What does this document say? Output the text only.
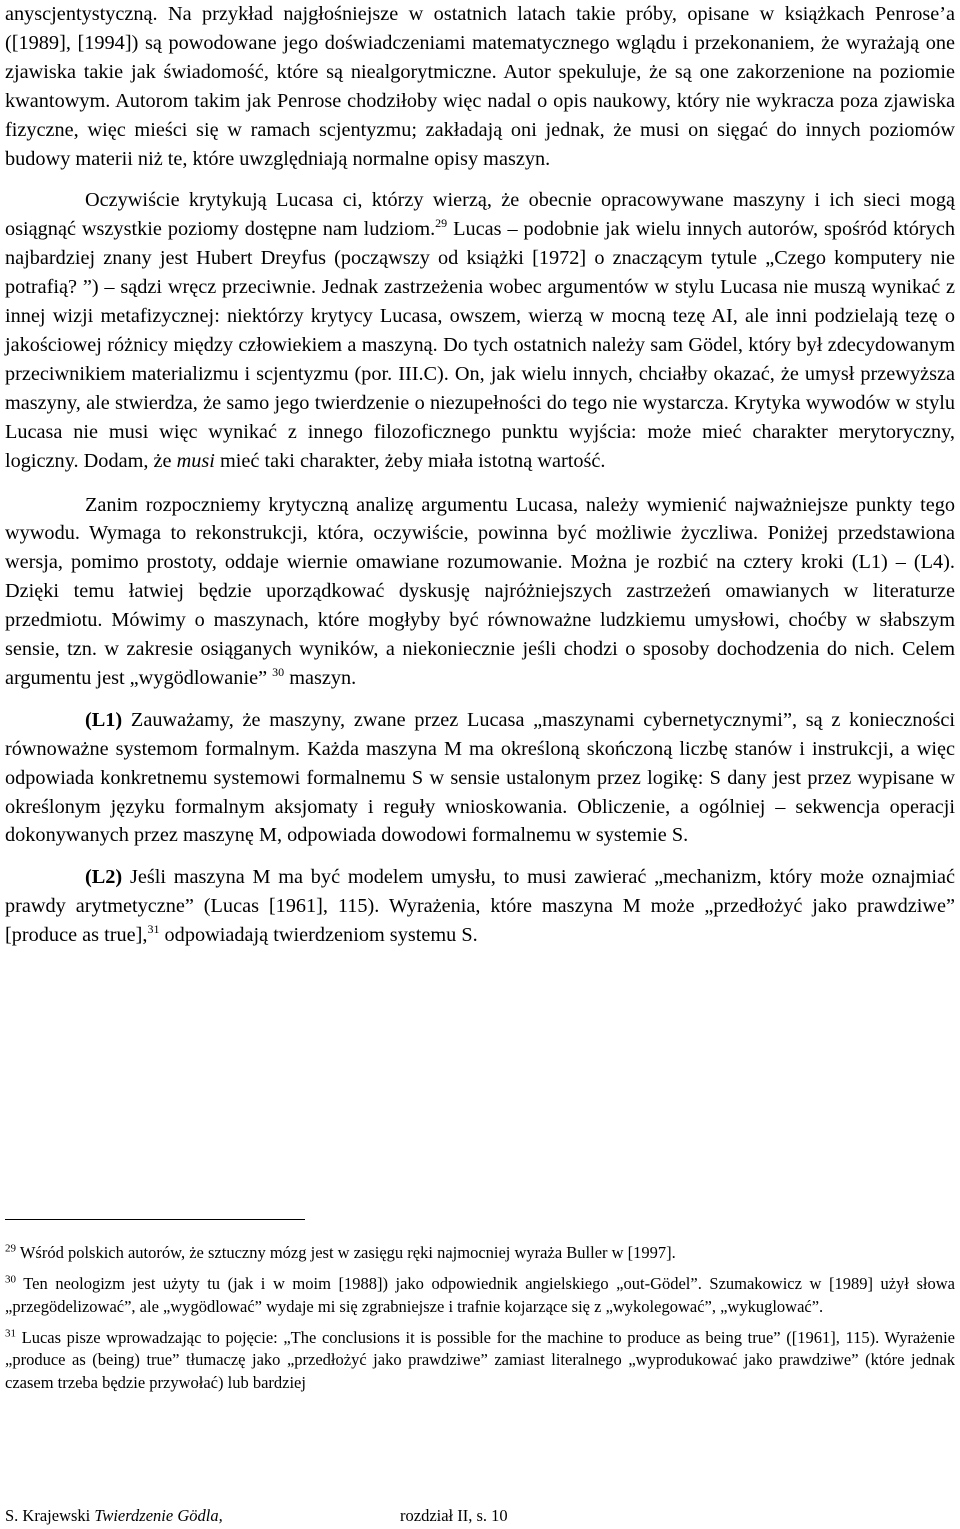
anyscjentystyczną. Na przykład najgłośniejsze w ostatnich latach takie próby, opisane w książkach Penrose’a ([1989], [1994]) są powodowane jego doświadczeniami matematycznego wglądu i przekonaniem, że wyrażają one zjawiska takie jak świadomość, które są niealgorytmiczne. Autor spekuluje, że są one zakorzenione na poziomie kwantowym. Autorom takim jak Penrose chodziłoby więc nadal o opis naukowy, który nie wykracza poza zjawiska fizyczne, więc mieści się w ramach scjentyzmu; zakładają oni jednak, że musi on sięgać do innych poziomów budowy materii niż te, które uwzględniają normalne opisy maszyn.

Oczywiście krytykują Lucasa ci, którzy wierzą, że obecnie opracowywane maszyny i ich sieci mogą osiągnąć wszystkie poziomy dostępne nam ludziom.$^{29}$ Lucas – podobnie jak wielu innych autorów, spośród których najbardziej znany jest Hubert Dreyfus (począwszy od książki [1972] o znaczącym tytule „Czego komputery nie potrafią? ”) – sądzi wręcz przeciwnie. Jednak zastrzeżenia wobec argumentów w stylu Lucasa nie muszą wynikać z innej wizji metafizycznej: niektórzy krytycy Lucasa, owszem, wierzą w mocną tezę AI, ale inni podzielają tezę o jakościowej różnicy między człowiekiem a maszyną. Do tych ostatnich należy sam Gödel, który był zdecydowanym przeciwnikiem materializmu i scjentyzmu (por. III.C). On, jak wielu innych, chciałby okazać, że umysł przewyższa maszyny, ale stwierdza, że samo jego twierdzenie o niezupełności do tego nie wystarcza. Krytyka wywodów w stylu Lucasa nie musi więc wynikać z innego filozoficznego punktu wyjścia: może mieć charakter merytoryczny, logiczny. Dodam, że musi mieć taki charakter, żeby miała istotną wartość.

Zanim rozpoczniemy krytyczną analizę argumentu Lucasa, należy wymienić najważniejsze punkty tego wywodu. Wymaga to rekonstrukcji, która, oczywiście, powinna być możliwie życzliwa. Poniżej przedstawiona wersja, pomimo prostoty, oddaje wiernie omawiane rozumowanie. Można je rozbić na cztery kroki (L1) – (L4). Dzięki temu łatwiej będzie uporządkować dyskusję najróżniejszych zastrzeżeń omawianych w literaturze przedmiotu. Mówimy o maszynach, które mogłyby być równoważne ludzkiemu umysłowi, choćby w słabszym sensie, tzn. w zakresie osiąganych wyników, a niekoniecznie jeśli chodzi o sposoby dochodzenia do nich. Celem argumentu jest „wygödlowanie” $^{30}$ maszyn.

(L1) Zauważamy, że maszyny, zwane przez Lucasa „maszynami cybernetycznymi”, są z konieczności równoważne systemom formalnym. Każda maszyna M ma określoną skończoną liczbę stanów i instrukcji, a więc odpowiada konkretnemu systemowi formalnemu S w sensie ustalonym przez logikę: S dany jest przez wypisane w określonym języku formalnym aksjomaty i reguły wnioskowania. Obliczenie, a ogólniej – sekwencja operacji dokonywanych przez maszynę M, odpowiada dowodowi formalnemu w systemie S.

(L2) Jeśli maszyna M ma być modelem umysłu, to musi zawierać „mechanizm, który może oznajmiać prawdy arytmetyczne” (Lucas [1961], 115). Wyrażenia, które maszyna M może „przedłożyć jako prawdziwe” [produce as true],$^{31}$ odpowiadają twierdzeniom systemu S.

$^{29}$ Wśród polskich autorów, że sztuczny mózg jest w zasięgu ręki najmocniej wyraża Buller w [1997].

$^{30}$ Ten neologizm jest użyty tu (jak i w moim [1988]) jako odpowiednik angielskiego „out-Gödel”. Szumakowicz w [1989] użył słowa „przegödelizować”, ale „wygödlować” wydaje mi się zgrabniejsze i trafnie kojarzące się z „wykolegować”, „wykuglować”.

$^{31}$ Lucas pisze wprowadzając to pojęcie: „The conclusions it is possible for the machine to produce as being true” ([1961], 115). Wyrażenie „produce as (being) true” tłumaczę jako „przedłożyć jako prawdziwe” zamiast literalnego „wyprodukować jako prawdziwe” (które jednak czasem trzeba będzie przywołać) lub bardziej

S. Krajewski Twierdzenie Gödla,	rozdział II, s. 10
